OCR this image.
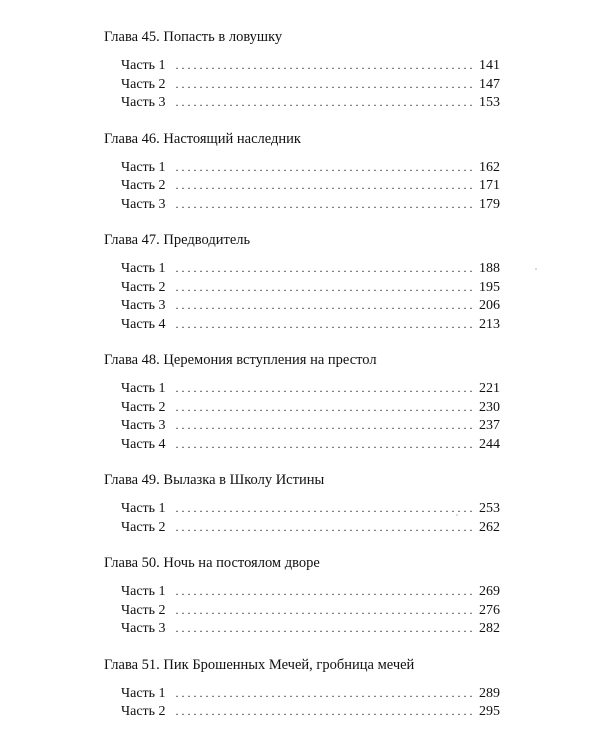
Глава 45. Попасть в ловушку
Часть 1 . . .	141
Часть 2 . . .	147
Часть 3 . . .	153
Глава 46. Настоящий наследник
Часть 1 . . .	162
Часть 2 . . .	171
Часть 3 . . .	179
Глава 47. Предводитель
Часть 1 . . .	188
Часть 2 . . .	195
Часть 3 . . .	206
Часть 4 . . .	213
Глава 48. Церемония вступления на престол
Часть 1 . . .	221
Часть 2 . . .	230
Часть 3 . . .	237
Часть 4 . . .	244
Глава 49. Вылазка в Школу Истины
Часть 1 . . .	253
Часть 2 . . .	262
Глава 50. Ночь на постоялом дворе
Часть 1 . . .	269
Часть 2 . . .	276
Часть 3 . . .	282
Глава 51. Пик Брошенных Мечей, гробница мечей
Часть 1 . . .	289
Часть 2 . . .	295
